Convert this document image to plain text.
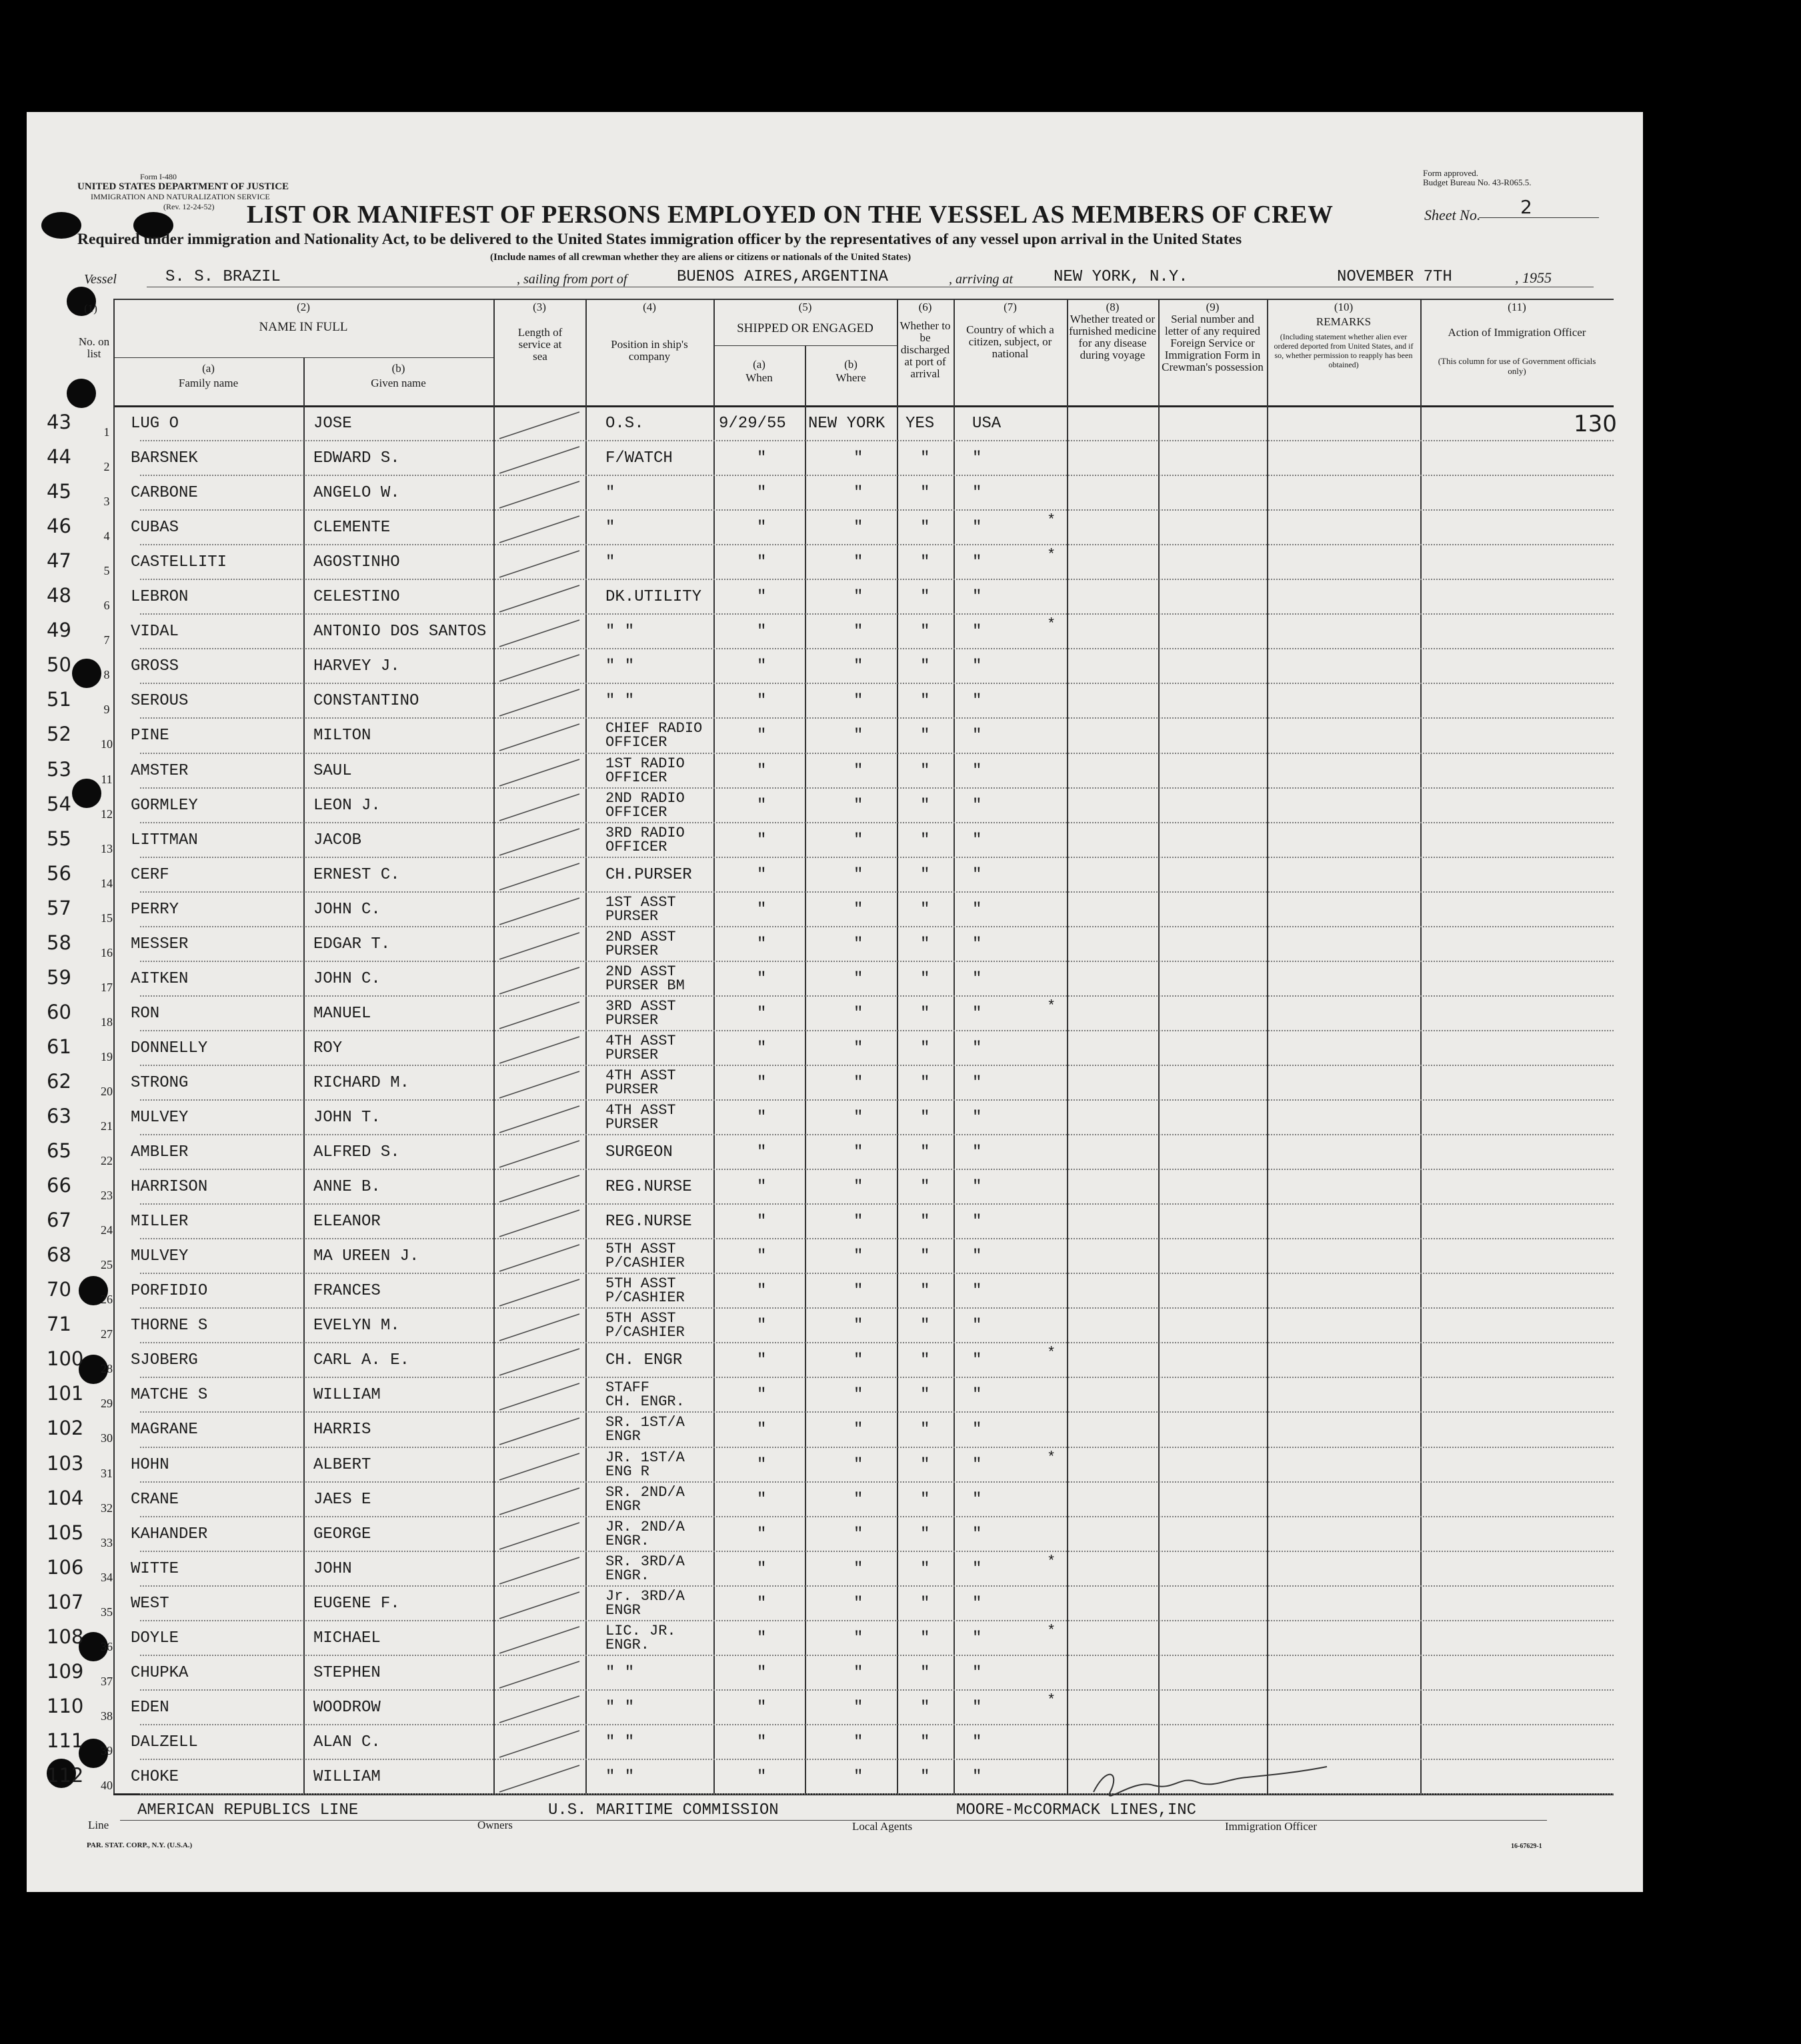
Form I-480
UNITED STATES DEPARTMENT OF JUSTICE
IMMIGRATION AND NATURALIZATION SERVICE
(Rev. 12-24-52)
Form approved.
Budget Bureau No. 43-R065.5.
LIST OR MANIFEST OF PERSONS EMPLOYED ON THE VESSEL AS MEMBERS OF CREW	Sheet No. 2
Required under immigration and Nationality Act, to be delivered to the United States immigration officer by the representatives of any vessel upon arrival in the United States
(Include names of all crewman whether they are aliens or citizens or nationals of the United States)
Vessel	S. S. BRAZIL	, sailing from port of	BUENOS AIRES,ARGENTINA	, arriving at	NEW YORK, N.Y.	NOVEMBER 7TH	, 1955
(1)
No. on list
(2)
NAME IN FULL
(a)
Family name
(b)
Given name
(3)
Length of service at sea
(4)
Position in ship's company
(5)
SHIPPED OR ENGAGED
(a)
When
(b)
Where
(6)
Whether to be discharged at port of arrival
(7)
Country of which a citizen, subject, or national
(8)
Whether treated or furnished medicine for any disease during voyage
(9)
Serial number and letter of any required Foreign Service or Immigration Form in Crewman's possession
(10)
REMARKS
(Including statement whether alien ever ordered deported from United States, and if so, whether permission to reapply has been obtained)
(11)
Action of Immigration Officer
(This column for use of Government officials only)
130
43	1	LUG O	JOSE	O.S.	9/29/55 NEW YORK YES USA
44	2	BARSNEK	EDWARD S.	F/WATCH	"	"	"	"
45	3	CARBONE	ANGELO W.	"	"	"	"	"
46	4	CUBAS	CLEMENTE	"	"	"	"	"	*
47	5	CASTELLITI	AGOSTINHO	"	"	"	"	"	*
48	6	LEBRON	CELESTINO	DK.UTILITY	"	"	"	"
49	7	VIDAL	ANTONIO DOS SANTOS	" "	"	"	"	"	*
50	8	GROSS	HARVEY J.	" "	"	"	"	"
51	9	SEROUS	CONSTANTINO	" "	"	"	"	"
52	10	PINE	MILTON	CHIEF RADIO
OFFICER	"	"	"	"
53	11	AMSTER	SAUL	1ST RADIO
OFFICER	"	"	"	"
54	12	GORMLEY	LEON J.	2ND RADIO
OFFICER	"	"	"	"
55	13	LITTMAN	JACOB	3RD RADIO
OFFICER	"	"	"	"
56	14	CERF	ERNEST C.	CH.PURSER	"	"	"	"
57	15	PERRY	JOHN C.	1ST ASST
PURSER	"	"	"	"
58	16	MESSER	EDGAR T.	2ND ASST
PURSER	"	"	"	"
59	17	AITKEN	JOHN C.	2ND ASST
PURSER BM	"	"	"	"
60	18	RON	MANUEL	3RD ASST
PURSER	"	"	"	"	*
61	19	DONNELLY	ROY	4TH ASST
PURSER	"	"	"	"
62	20	STRONG	RICHARD M.	4TH ASST
PURSER	"	"	"	"
63	21	MULVEY	JOHN T.	4TH ASST
PURSER	"	"	"	"
65	22	AMBLER	ALFRED S.	SURGEON	"	"	"	"
66	23	HARRISON	ANNE B.	REG.NURSE	"	"	"	"
67	24	MILLER	ELEANOR	REG.NURSE	"	"	"	"
68	25	MULVEY	MA UREEN J.	5TH ASST
P/CASHIER	"	"	"	"
70	26	PORFIDIO	FRANCES	5TH ASST
P/CASHIER	"	"	"	"
71	27	THORNE S	EVELYN M.	5TH ASST
P/CASHIER	"	"	"	"
100	28	SJOBERG	CARL A. E.	CH. ENGR	"	"	"	"	*
101	29	MATCHE S	WILLIAM	STAFF
CH. ENGR.	"	"	"	"
102	30	MAGRANE	HARRIS	SR. 1ST/A
ENGR	"	"	"	"
103	31	HOHN	ALBERT	JR. 1ST/A
ENG R	"	"	"	"	*
104	32	CRANE	JAES E	SR. 2ND/A
ENGR	"	"	"	"
105	33	KAHANDER	GEORGE	JR. 2ND/A
ENGR.	"	"	"	"
106	34	WITTE	JOHN	SR. 3RD/A
ENGR.	"	"	"	"	*
107	35	WEST	EUGENE F.	Jr. 3RD/A
ENGR	"	"	"	"
108	36	DOYLE	MICHAEL	LIC. JR.
ENGR.	"	"	"	"	*
109	37	CHUPKA	STEPHEN	" "	"	"	"	"
110	38	EDEN	WOODROW	" "	"	"	"	"	*
111	39	DALZELL	ALAN C.	" "	"	"	"	"
112	40	CHOKE	WILLIAM	" "	"	"	"	"
Line
AMERICAN REPUBLICS LINE
Owners
U.S. MARITIME COMMISSION
Local Agents
MOORE-McCORMACK LINES,INC
Immigration Officer
PAR. STAT. CORP., N.Y. (U.S.A.)	16-67629-1
